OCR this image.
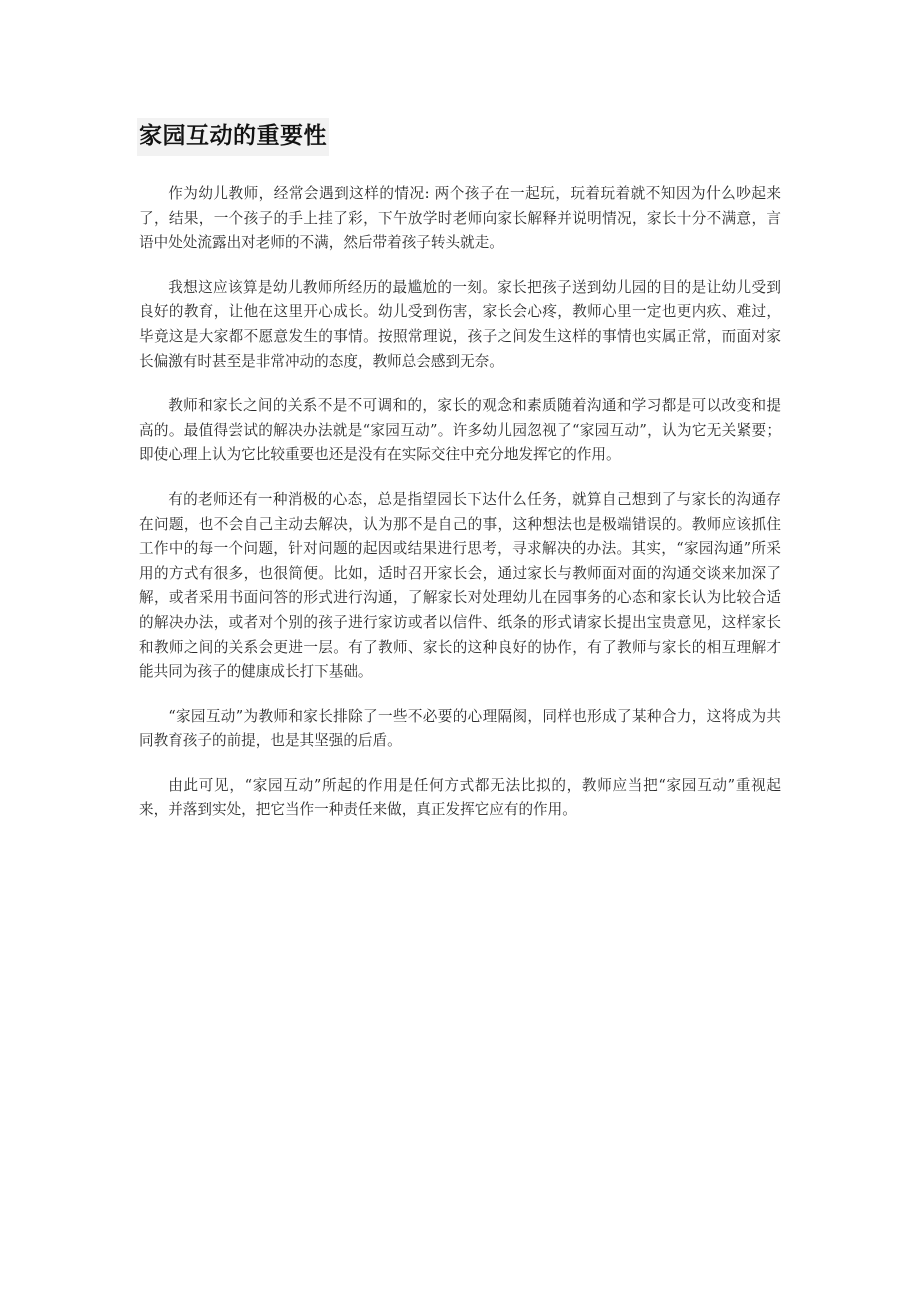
家园互动的重要性

作为幼儿教师，经常会遇到这样的情况: 两个孩子在一起玩，玩着玩着就不知因为什么吵起来了，结果，一个孩子的手上挂了彩，下午放学时老师向家长解释并说明情况，家长十分不满意，言语中处处流露出对老师的不满，然后带着孩子转头就走。

我想这应该算是幼儿教师所经历的最尴尬的一刻。家长把孩子送到幼儿园的目的是让幼儿受到良好的教育，让他在这里开心成长。幼儿受到伤害，家长会心疼，教师心里一定也更内疚、难过，毕竟这是大家都不愿意发生的事情。按照常理说，孩子之间发生这样的事情也实属正常，而面对家长偏激有时甚至是非常冲动的态度，教师总会感到无奈。

教师和家长之间的关系不是不可调和的，家长的观念和素质随着沟通和学习都是可以改变和提高的。最值得尝试的解决办法就是“家园互动”。许多幼儿园忽视了“家园互动”，认为它无关紧要；即使心理上认为它比较重要也还是没有在实际交往中充分地发挥它的作用。

有的老师还有一种消极的心态，总是指望园长下达什么任务，就算自己想到了与家长的沟通存在问题，也不会自己主动去解决，认为那不是自己的事，这种想法也是极端错误的。教师应该抓住工作中的每一个问题，针对问题的起因或结果进行思考，寻求解决的办法。其实，“家园沟通”所采用的方式有很多，也很简便。比如，适时召开家长会，通过家长与教师面对面的沟通交谈来加深了解，或者采用书面问答的形式进行沟通，了解家长对处理幼儿在园事务的心态和家长认为比较合适的解决办法，或者对个别的孩子进行家访或者以信件、纸条的形式请家长提出宝贵意见，这样家长和教师之间的关系会更进一层。有了教师、家长的这种良好的协作，有了教师与家长的相互理解才能共同为孩子的健康成长打下基础。

“家园互动”为教师和家长排除了一些不必要的心理隔阂，同样也形成了某种合力，这将成为共同教育孩子的前提，也是其坚强的后盾。

由此可见，“家园互动”所起的作用是任何方式都无法比拟的，教师应当把“家园互动”重视起来，并落到实处，把它当作一种责任来做，真正发挥它应有的作用。
